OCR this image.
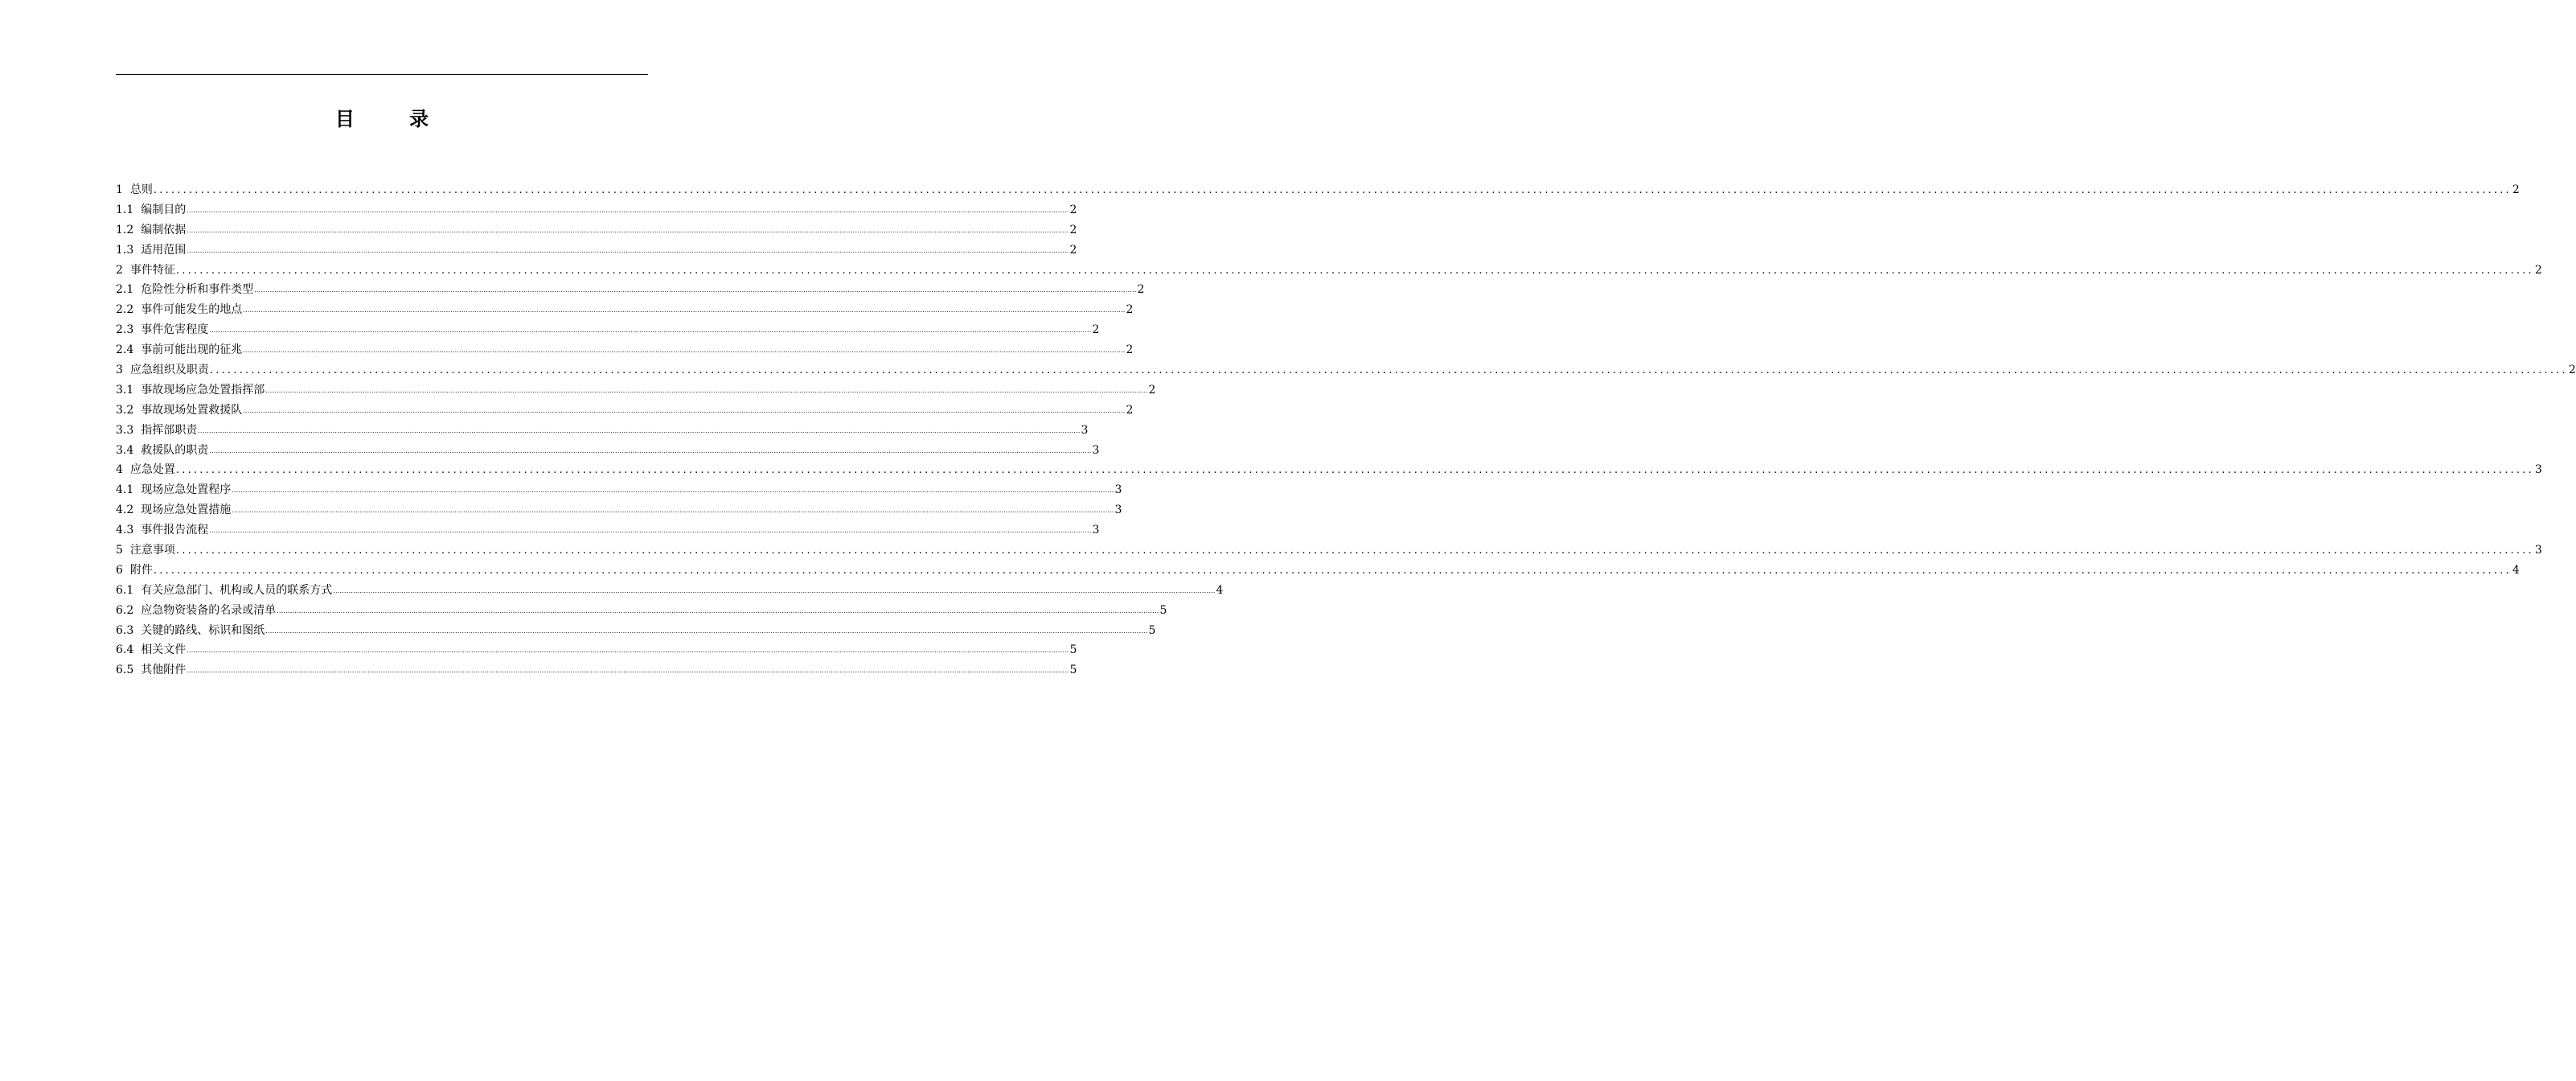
目 录
1 总则 ................................................................................................................................................................................................................................................................................................................................................................................................................ 2
1.1 编制目的 ................................................................................................................................................................................................................................................................................................................................................................................................................ 2
1.2 编制依据 ................................................................................................................................................................................................................................................................................................................................................................................................................ 2
1.3 适用范围 ................................................................................................................................................................................................................................................................................................................................................................................................................ 2
2 事件特征 ................................................................................................................................................................................................................................................................................................................................................................................................................ 2
2.1 危险性分析和事件类型 ................................................................................................................................................................................................................................................................................................................................................................................................................ 2
2.2 事件可能发生的地点 ................................................................................................................................................................................................................................................................................................................................................................................................................ 2
2.3 事件危害程度 ................................................................................................................................................................................................................................................................................................................................................................................................................ 2
2.4 事前可能出现的征兆 ................................................................................................................................................................................................................................................................................................................................................................................................................ 2
3 应急组织及职责 ................................................................................................................................................................................................................................................................................................................................................................................................................ 2
3.1 事故现场应急处置指挥部 ................................................................................................................................................................................................................................................................................................................................................................................................................ 2
3.2 事故现场处置救援队 ................................................................................................................................................................................................................................................................................................................................................................................................................ 2
3.3 指挥部职责 ................................................................................................................................................................................................................................................................................................................................................................................................................ 3
3.4 救援队的职责 ................................................................................................................................................................................................................................................................................................................................................................................................................ 3
4 应急处置 ................................................................................................................................................................................................................................................................................................................................................................................................................ 3
4.1 现场应急处置程序 ................................................................................................................................................................................................................................................................................................................................................................................................................ 3
4.2 现场应急处置措施 ................................................................................................................................................................................................................................................................................................................................................................................................................ 3
4.3 事件报告流程 ................................................................................................................................................................................................................................................................................................................................................................................................................ 3
5 注意事项 ................................................................................................................................................................................................................................................................................................................................................................................................................ 3
6 附件 ................................................................................................................................................................................................................................................................................................................................................................................................................ 4
6.1 有关应急部门、机构或人员的联系方式 ................................................................................................................................................................................................................................................................................................................................................................................................................ 4
6.2 应急物资装备的名录或清单 ................................................................................................................................................................................................................................................................................................................................................................................................................ 5
6.3 关键的路线、标识和图纸 ................................................................................................................................................................................................................................................................................................................................................................................................................ 5
6.4 相关文件 ................................................................................................................................................................................................................................................................................................................................................................................................................ 5
6.5 其他附件 ................................................................................................................................................................................................................................................................................................................................................................................................................ 5
